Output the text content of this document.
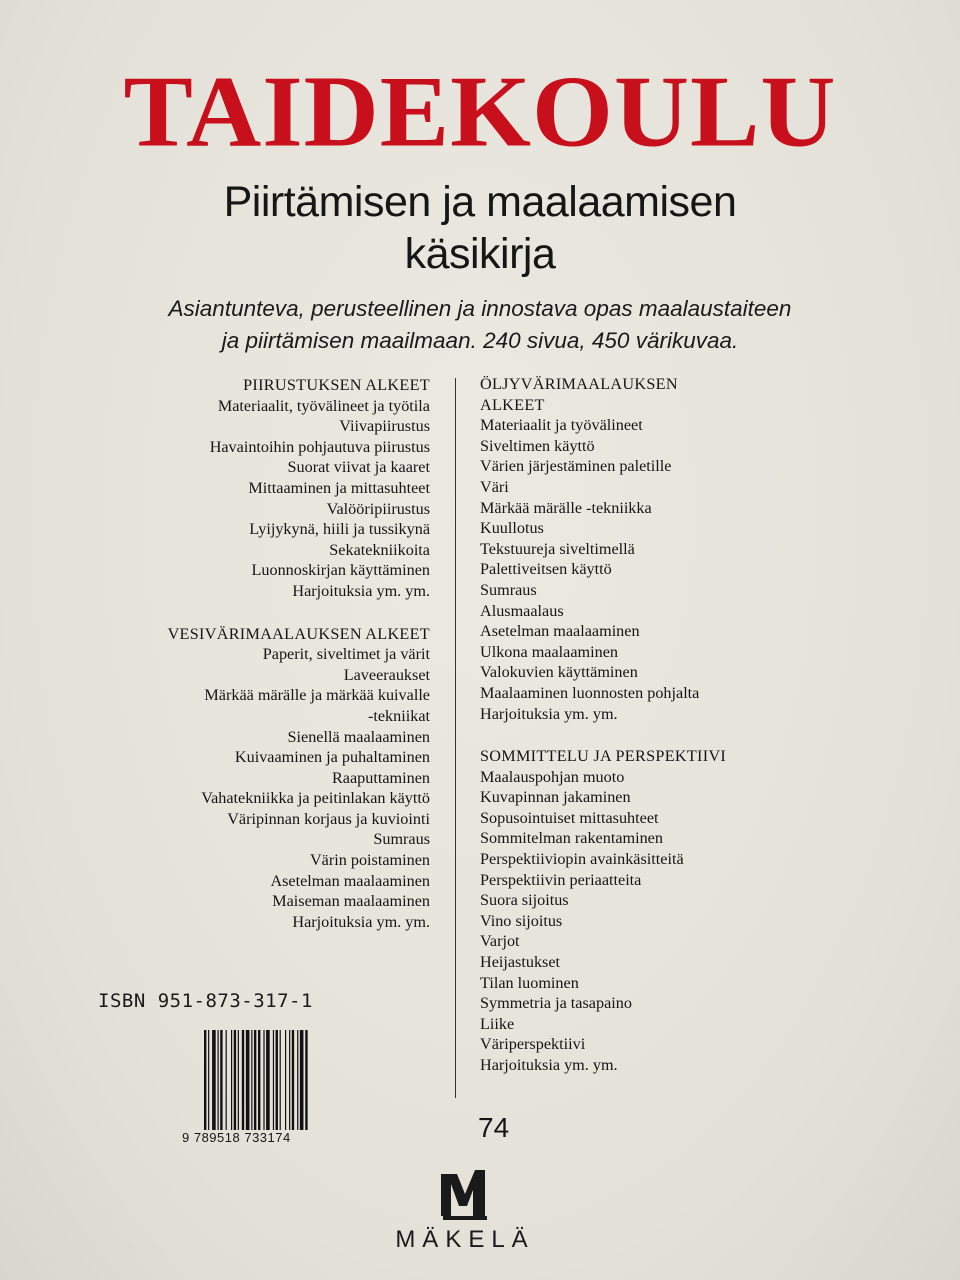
TAIDEKOULU
Piirtämisen ja maalaamisen
käsikirja
Asiantunteva, perusteellinen ja innostava opas maalaustaiteen
ja piirtämisen maailmaan. 240 sivua, 450 värikuvaa.
PIIRUSTUKSEN ALKEET
Materiaalit, työvälineet ja työtila
Viivapiirustus
Havaintoihin pohjautuva piirustus
Suorat viivat ja kaaret
Mittaaminen ja mittasuhteet
Valööripiirustus
Lyijykynä, hiili ja tussikynä
Sekatekniikoita
Luonnoskirjan käyttäminen
Harjoituksia ym. ym.
VESIVÄRIMAALAUKSEN ALKEET
Paperit, siveltimet ja värit
Laveeraukset
Märkää märälle ja märkää kuivalle
-tekniikat
Sienellä maalaaminen
Kuivaaminen ja puhaltaminen
Raaputtaminen
Vahatekniikka ja peitinlakan käyttö
Väripinnan korjaus ja kuviointi
Sumraus
Värin poistaminen
Asetelman maalaaminen
Maiseman maalaaminen
Harjoituksia ym. ym.
ÖLJYVÄRIMAALAUKSEN
ALKEET
Materiaalit ja työvälineet
Siveltimen käyttö
Värien järjestäminen paletille
Väri
Märkää märälle -tekniikka
Kuullotus
Tekstuureja siveltimellä
Palettiveitsen käyttö
Sumraus
Alusmaalaus
Asetelman maalaaminen
Ulkona maalaaminen
Valokuvien käyttäminen
Maalaaminen luonnosten pohjalta
Harjoituksia ym. ym.
SOMMITTELU JA PERSPEKTIIVI
Maalauspohjan muoto
Kuvapinnan jakaminen
Sopusointuiset mittasuhteet
Sommitelman rakentaminen
Perspektiiviopin avainkäsitteitä
Perspektiivin periaatteita
Suora sijoitus
Vino sijoitus
Varjot
Heijastukset
Tilan luominen
Symmetria ja tasapaino
Liike
Väriperspektiivi
Harjoituksia ym. ym.
ISBN 951-873-317-1
9 789518 733174	74
MÄKELÄ
